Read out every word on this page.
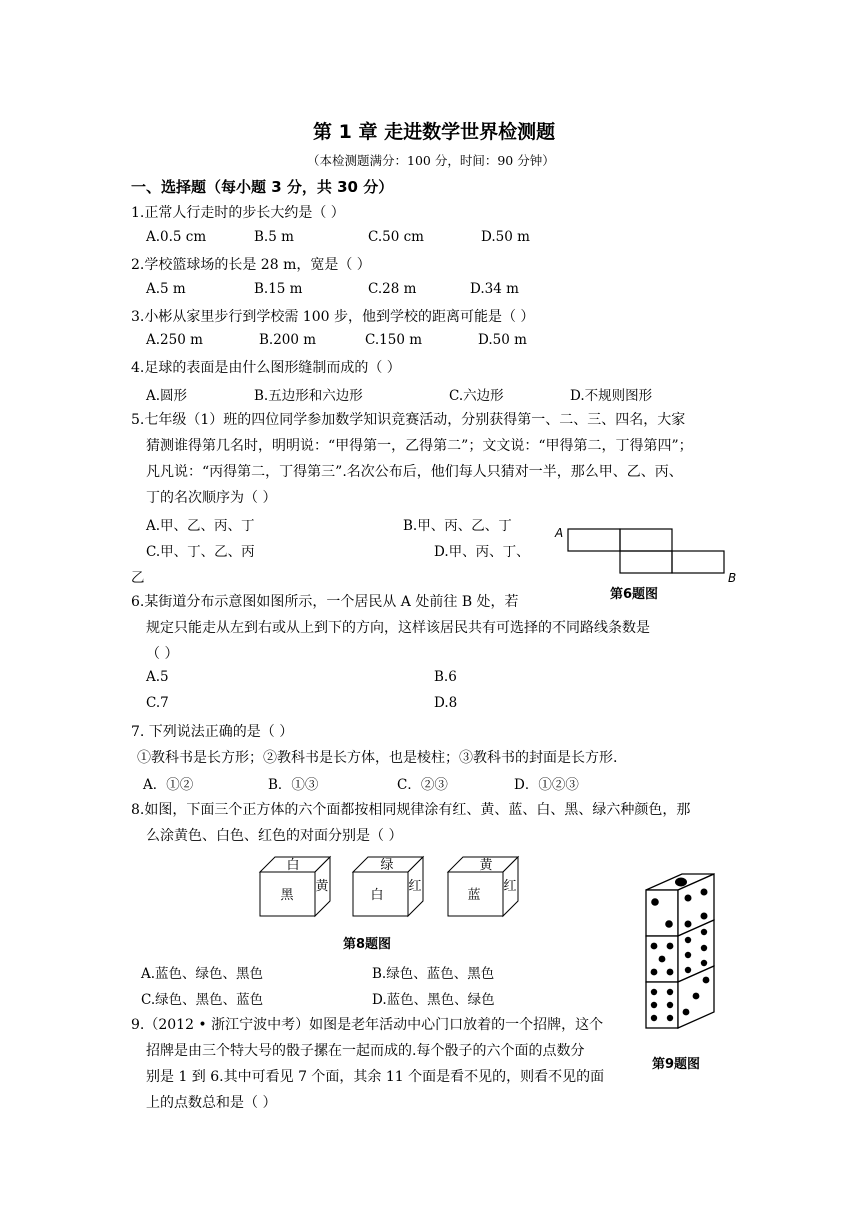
第 1 章 走进数学世界检测题
（本检测题满分：100 分，时间：90 分钟）
一、选择题（每小题 3 分，共 30 分）
1.正常人行走时的步长大约是（ ）
A.0.5 cm	B.5 m	C.50 cm	D.50 m
2.学校篮球场的长是 28 m，宽是（ ）
A.5 m	B.15 m	C.28 m	D.34 m
3.小彬从家里步行到学校需 100 步，他到学校的距离可能是（ ）
A.250 m	B.200 m	C.150 m	D.50 m
4.足球的表面是由什么图形缝制而成的（ ）
A.圆形	B.五边形和六边形	C.六边形	D.不规则图形
5.七年级（1）班的四位同学参加数学知识竞赛活动，分别获得第一、二、三、四名，大家
猜测谁得第几名时，明明说：“甲得第一，乙得第二”；文文说：“甲得第二，丁得第四”；
凡凡说：“丙得第二，丁得第三”.名次公布后，他们每人只猜对一半，那么甲、乙、丙、
丁的名次顺序为（ ）
A.甲、乙、丙、丁	B.甲、丙、乙、丁
C.甲、丁、乙、丙	D.甲、丙、丁、
乙
A
B
第6题图
6.某街道分布示意图如图所示，一个居民从 A 处前往 B 处，若
规定只能走从左到右或从上到下的方向，这样该居民共有可选择的不同路线条数是
（ ）
A.5	B.6
C.7	D.8
7. 下列说法正确的是（ ）
①教科书是长方形；②教科书是长方体，也是棱柱；③教科书的封面是长方形.
A．①②	B．①③	C．②③	D．①②③
8.如图，下面三个正方体的六个面都按相同规律涂有红、黄、蓝、白、黑、绿六种颜色，那
么涂黄色、白色、红色的对面分别是（ ）
白
黑
黄
绿
白
红
黄
蓝
红
第8题图
A.蓝色、绿色、黑色	B.绿色、蓝色、黑色
C.绿色、黑色、蓝色	D.蓝色、黑色、绿色
第9题图
9.（2012 • 浙江宁波中考）如图是老年活动中心门口放着的一个招牌，这个
招牌是由三个特大号的骰子摞在一起而成的.每个骰子的六个面的点数分
别是 1 到 6.其中可看见 7 个面，其余 11 个面是看不见的，则看不见的面
上的点数总和是（ ）
